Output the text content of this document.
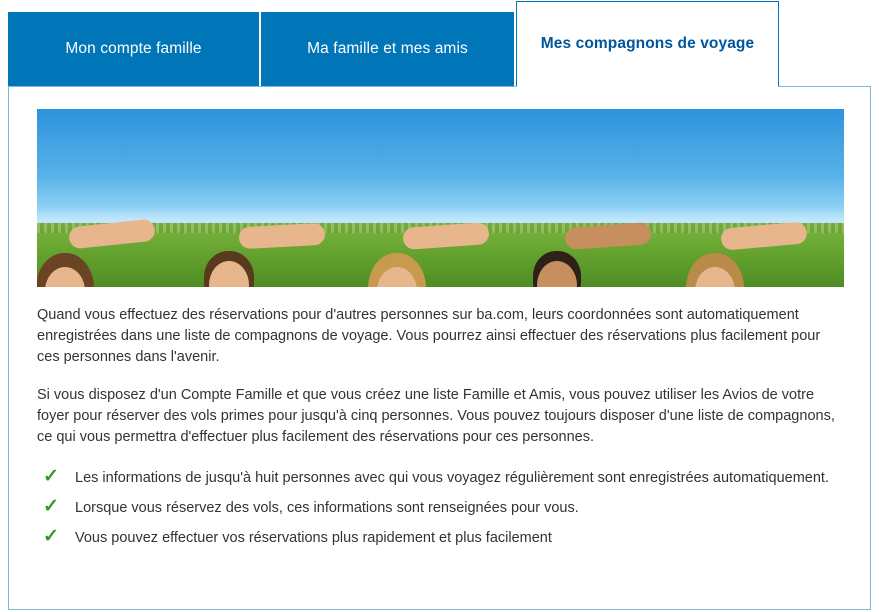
Mon compte famille	Ma famille et mes amis	Mes compagnons de voyage

Quand vous effectuez des réservations pour d'autres personnes sur ba.com, leurs coordonnées sont automatiquement enregistrées dans une liste de compagnons de voyage. Vous pourrez ainsi effectuer des réservations plus facilement pour ces personnes dans l'avenir.

Si vous disposez d'un Compte Famille et que vous créez une liste Famille et Amis, vous pouvez utiliser les Avios de votre foyer pour réserver des vols primes pour jusqu'à cinq personnes. Vous pouvez toujours disposer d'une liste de compagnons, ce qui vous permettra d'effectuer plus facilement des réservations pour ces personnes.

✓ Les informations de jusqu'à huit personnes avec qui vous voyagez régulièrement sont enregistrées automatiquement.
✓ Lorsque vous réservez des vols, ces informations sont renseignées pour vous.
✓ Vous pouvez effectuer vos réservations plus rapidement et plus facilement
